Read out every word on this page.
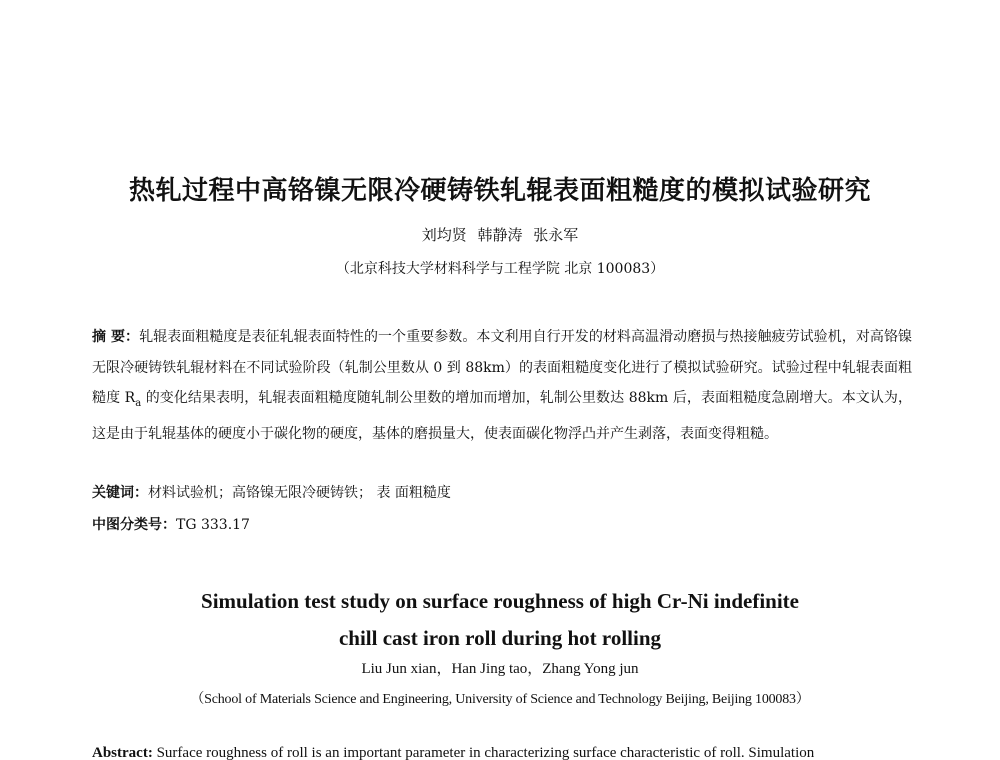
热轧过程中高铬镍无限冷硬铸铁轧辊表面粗糙度的模拟试验研究
刘均贤 韩静涛 张永军
（北京科技大学材料科学与工程学院 北京 100083）
摘 要：轧辊表面粗糙度是表征轧辊表面特性的一个重要参数。本文利用自行开发的材料高温滑动磨损与热接触疲劳试验机，对高铬镍无限冷硬铸铁轧辊材料在不同试验阶段（轧制公里数从 0 到 88km）的表面粗糙度变化进行了模拟试验研究。试验过程中轧辊表面粗糙度 $R_a$ 的变化结果表明，轧辊表面粗糙度随轧制公里数的增加而增加，轧制公里数达 88km 后，表面粗糙度急剧增大。本文认为，这是由于轧辊基体的硬度小于碳化物的硬度，基体的磨损量大，使表面碳化物浮凸并产生剥落，表面变得粗糙。
关键词：材料试验机；高铬镍无限冷硬铸铁； 表 面粗糙度
中图分类号：TG 333.17
Simulation test study on surface roughness of high Cr-Ni indefinite
chill cast iron roll during hot rolling
Liu Jun xian，Han Jing tao，Zhang Yong jun
（School of Materials Science and Engineering, University of Science and Technology Beijing, Beijing 100083）
Abstract: Surface roughness of roll is an important parameter in characterizing surface characteristic of roll. Simulation
